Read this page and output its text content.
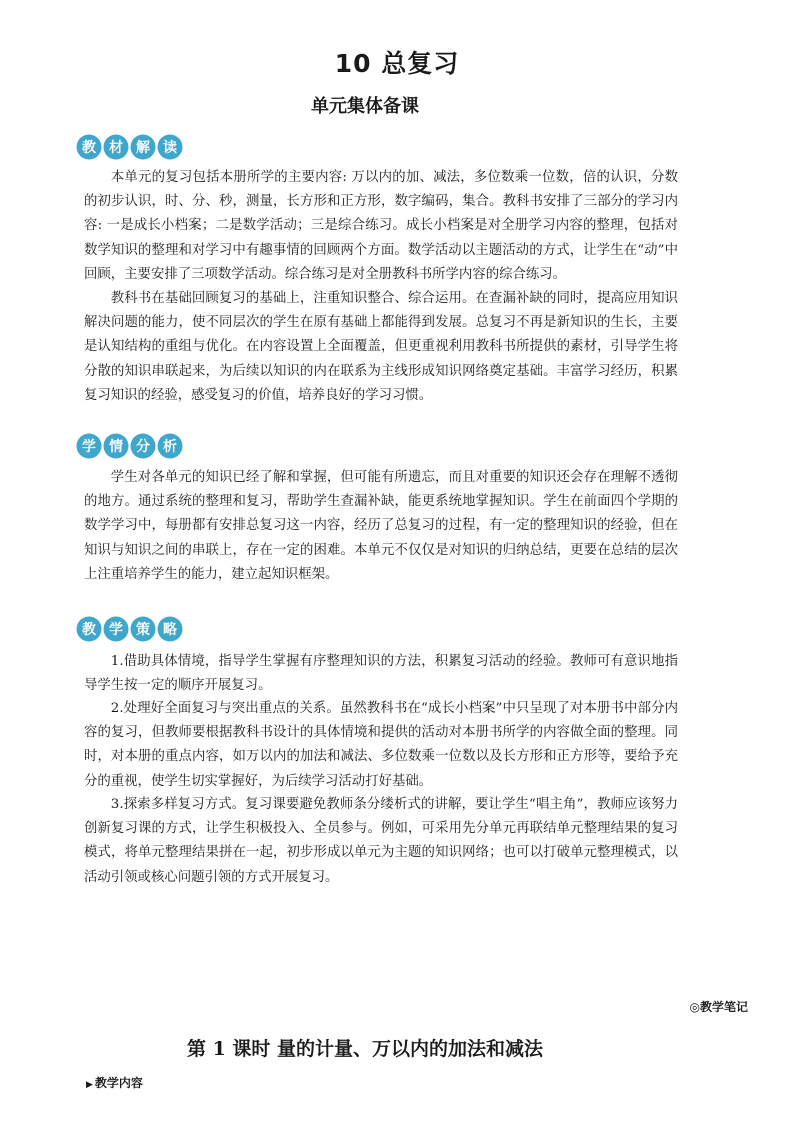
10 总复习
单元集体备课
教 材 解 读

本单元的复习包括本册所学的主要内容: 万以内的加、减法，多位数乘一位数，倍的认识，分数的初步认识，时、分、秒，测量，长方形和正方形，数字编码，集合。教科书安排了三部分的学习内容: 一是成长小档案；二是数学活动；三是综合练习。成长小档案是对全册学习内容的整理，包括对数学知识的整理和对学习中有趣事情的回顾两个方面。数学活动以主题活动的方式，让学生在“动”中回顾，主要安排了三项数学活动。综合练习是对全册教科书所学内容的综合练习。

教科书在基础回顾复习的基础上，注重知识整合、综合运用。在查漏补缺的同时，提高应用知识解决问题的能力，使不同层次的学生在原有基础上都能得到发展。总复习不再是新知识的生长，主要是认知结构的重组与优化。在内容设置上全面覆盖，但更重视利用教科书所提供的素材，引导学生将分散的知识串联起来，为后续以知识的内在联系为主线形成知识网络奠定基础。丰富学习经历，积累复习知识的经验，感受复习的价值，培养良好的学习习惯。

学 情 分 析

学生对各单元的知识已经了解和掌握，但可能有所遗忘，而且对重要的知识还会存在理解不透彻的地方。通过系统的整理和复习，帮助学生查漏补缺，能更系统地掌握知识。学生在前面四个学期的数学学习中，每册都有安排总复习这一内容，经历了总复习的过程，有一定的整理知识的经验，但在知识与知识之间的串联上，存在一定的困难。本单元不仅仅是对知识的归纳总结，更要在总结的层次上注重培养学生的能力，建立起知识框架。

教 学 策 略

1.借助具体情境，指导学生掌握有序整理知识的方法，积累复习活动的经验。教师可有意识地指导学生按一定的顺序开展复习。

2.处理好全面复习与突出重点的关系。虽然教科书在“成长小档案”中只呈现了对本册书中部分内容的复习，但教师要根据教科书设计的具体情境和提供的活动对本册书所学的内容做全面的整理。同时，对本册的重点内容，如万以内的加法和减法、多位数乘一位数以及长方形和正方形等，要给予充分的重视，使学生切实掌握好，为后续学习活动打好基础。

3.探索多样复习方式。复习课要避免教师条分缕析式的讲解，要让学生“唱主角”，教师应该努力创新复习课的方式，让学生积极投入、全员参与。例如，可采用先分单元再联结单元整理结果的复习模式，将单元整理结果拼在一起，初步形成以单元为主题的知识网络；也可以打破单元整理模式，以活动引领或核心问题引领的方式开展复习。

◎教学笔记
第 1 课时 量的计量、万以内的加法和减法
▶ 教学内容
